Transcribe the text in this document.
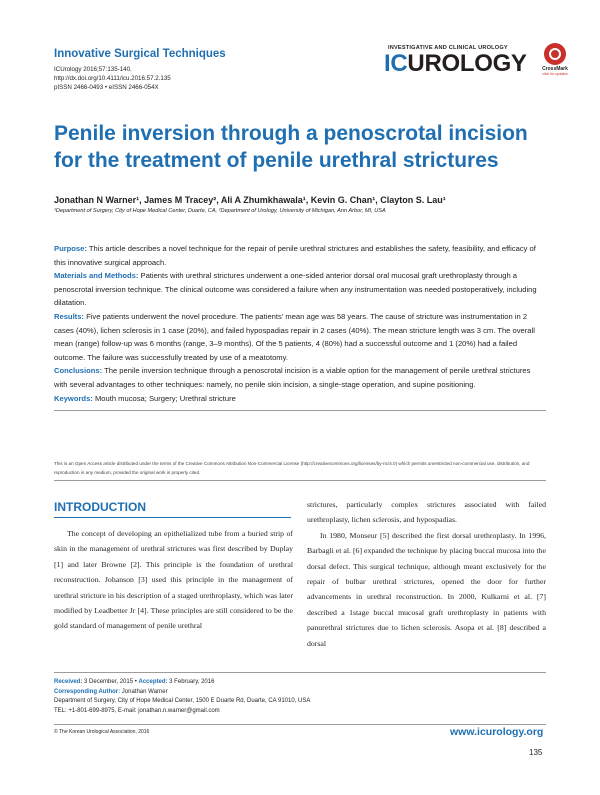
Innovative Surgical Techniques
ICUrology 2016;57:135-140.
http://dx.doi.org/10.4111/icu.2016.57.2.135
pISSN 2466-0493 • eISSN 2466-054X
INVESTIGATIVE AND CLINICAL UROLOGY
ICUROLOGY	CrossMark
click for updates
Penile inversion through a penoscrotal incision for the treatment of penile urethral strictures
Jonathan N Warner¹, James M Tracey², Ali A Zhumkhawala¹, Kevin G. Chan¹, Clayton S. Lau¹
¹Department of Surgery, City of Hope Medical Center, Duarte, CA, ²Department of Urology, University of Michigan, Ann Arbor, MI, USA

Purpose: This article describes a novel technique for the repair of penile urethral strictures and establishes the safety, feasibility, and efficacy of this innovative surgical approach.

Materials and Methods: Patients with urethral strictures underwent a one-sided anterior dorsal oral mucosal graft urethroplasty through a penoscrotal inversion technique. The clinical outcome was considered a failure when any instrumentation was needed postoperatively, including dilatation.

Results: Five patients underwent the novel procedure. The patients' mean age was 58 years. The cause of stricture was instrumentation in 2 cases (40%), lichen sclerosis in 1 case (20%), and failed hypospadias repair in 2 cases (40%). The mean stricture length was 3 cm. The overall mean (range) follow-up was 6 months (range, 3–9 months). Of the 5 patients, 4 (80%) had a successful outcome and 1 (20%) had a failed outcome. The failure was successfully treated by use of a meatotomy.

Conclusions: The penile inversion technique through a penoscrotal incision is a viable option for the management of penile urethral strictures with several advantages to other techniques: namely, no penile skin incision, a single-stage operation, and supine positioning.

Keywords: Mouth mucosa; Surgery; Urethral stricture
This is an Open Access article distributed under the terms of the Creative Commons Attribution Non-Commercial License (http://creativecommons.org/licenses/by-nc/4.0) which permits unrestricted non-commercial use, distribution, and reproduction in any medium, provided the original work is properly cited.
INTRODUCTION

The concept of developing an epithelialized tube from a buried strip of skin in the management of urethral strictures was first described by Duplay [1] and later Browne [2]. This principle is the foundation of urethral reconstruction. Johanson [3] used this principle in the management of urethral stricture in his description of a staged urethroplasty, which was later modified by Leadbetter Jr [4]. These principles are still considered to be the gold standard of management of penile urethral

strictures, particularly complex strictures associated with failed urethroplasty, lichen sclerosis, and hypospadias.

In 1980, Monseur [5] described the first dorsal urethroplasty. In 1996, Barbagli et al. [6] expanded the technique by placing buccal mucosa into the dorsal defect. This surgical technique, although meant exclusively for the repair of bulbar urethral strictures, opened the door for further advancements in urethral reconstruction. In 2000, Kulkarni et al. [7] described a 1stage buccal mucosal graft urethroplasty in patients with panurethral strictures due to lichen sclerosis. Asopa et al. [8] described a dorsal

Received: 3 December, 2015 • Accepted: 3 February, 2016
Corresponding Author: Jonathan Warner
Department of Surgery, City of Hope Medical Center, 1500 E Duarte Rd, Duarte, CA 91010, USA
TEL: +1-801-699-8975, E-mail: jonathan.n.warner@gmail.com
© The Korean Urological Association, 2016	www.icurology.org
135
